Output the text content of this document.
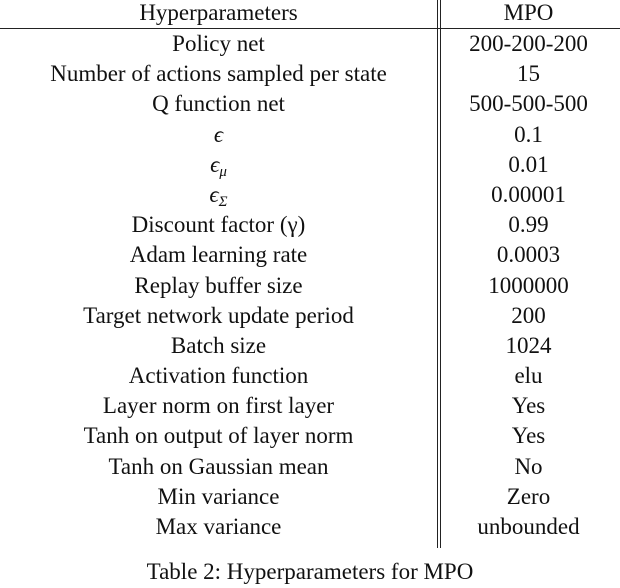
Hyperparameters	MPO
Policy net	200-200-200
Number of actions sampled per state	15
Q function net	500-500-500
ϵ	0.1
$\epsilon_\mu$	0.01
$\epsilon_\Sigma$	0.00001
Discount factor (γ)	0.99
Adam learning rate	0.0003
Replay buffer size	1000000
Target network update period	200
Batch size	1024
Activation function	elu
Layer norm on first layer	Yes
Tanh on output of layer norm	Yes
Tanh on Gaussian mean	No
Min variance	Zero
Max variance	unbounded
Table 2: Hyperparameters for MPO
